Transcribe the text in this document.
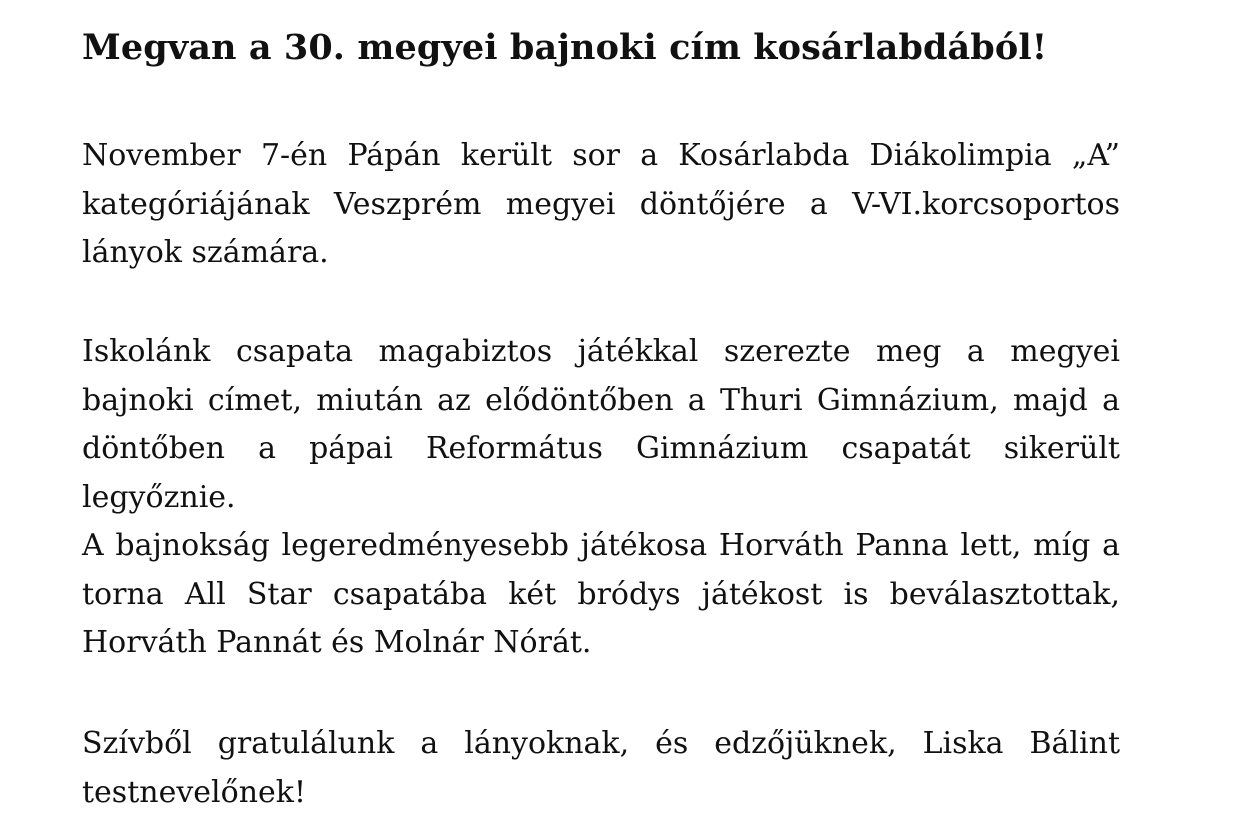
Megvan a 30. megyei bajnoki cím kosárlabdából!
November 7-én Pápán került sor a Kosárlabda Diákolimpia „A”
kategóriájának Veszprém megyei döntőjére a V-VI.korcsoportos
lányok számára.
Iskolánk csapata magabiztos játékkal szerezte meg a megyei
bajnoki címet, miután az elődöntőben a Thuri Gimnázium, majd a
döntőben a pápai Református Gimnázium csapatát sikerült
legyőznie.
A bajnokság legeredményesebb játékosa Horváth Panna lett, míg a
torna All Star csapatába két bródys játékost is beválasztottak,
Horváth Pannát és Molnár Nórát.
Szívből gratulálunk a lányoknak, és edzőjüknek, Liska Bálint
testnevelőnek!
